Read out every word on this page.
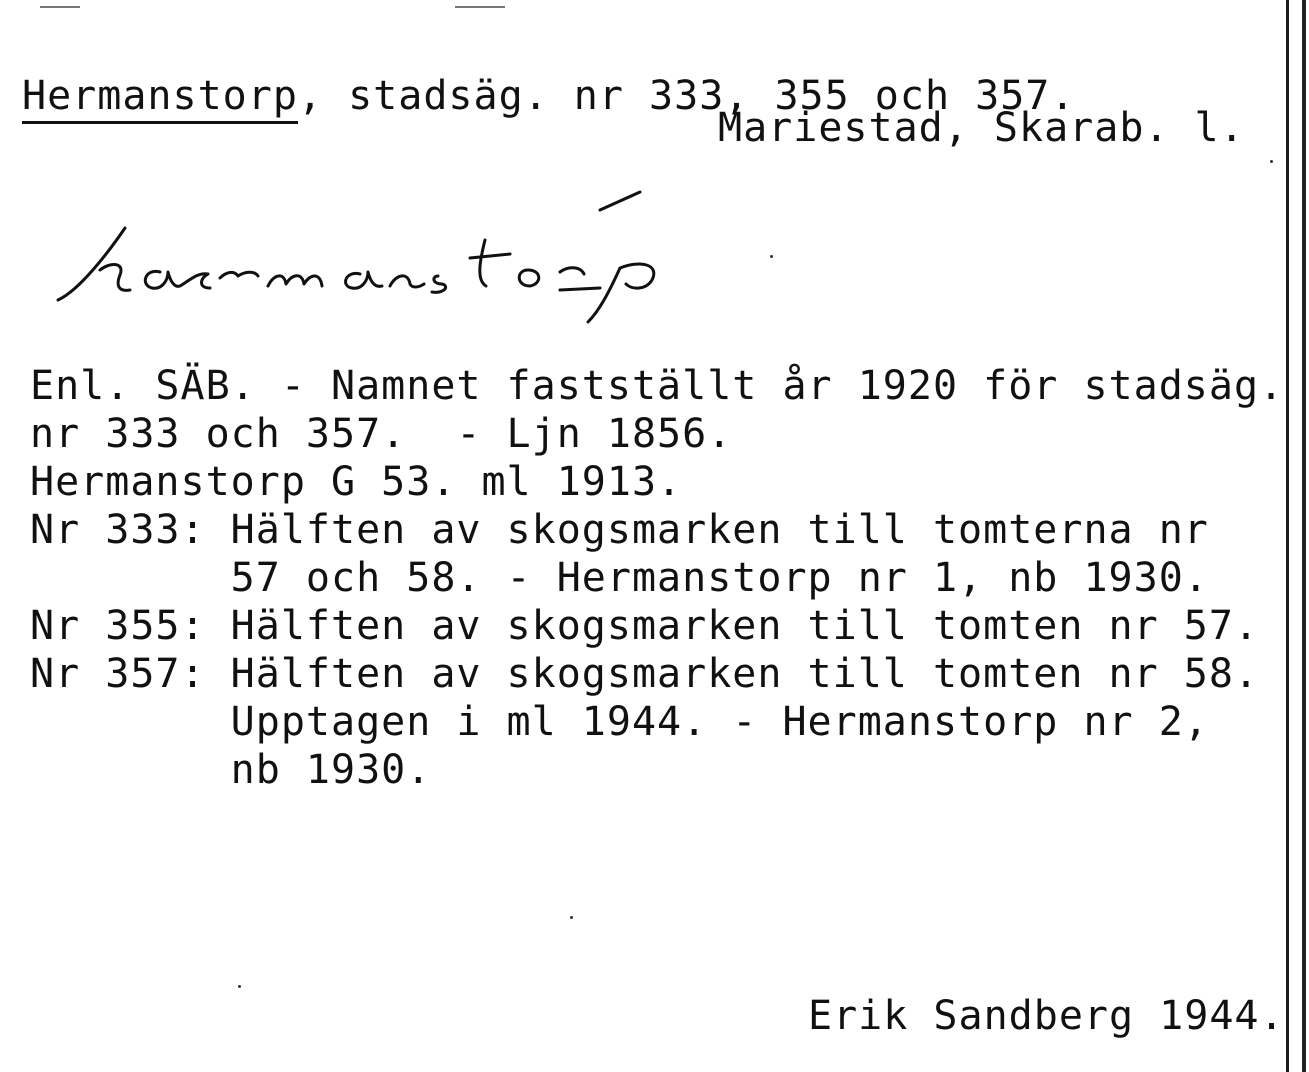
Hermanstorp, stadsäg. nr 333, 355 och 357.
Mariestad, Skarab. l.
Enl. SÄB. - Namnet fastställt år 1920 för stadsäg.
nr 333 och 357.  - Ljn 1856.
Hermanstorp G 53. ml 1913.
Nr 333: Hälften av skogsmarken till tomterna nr
57 och 58. - Hermanstorp nr 1, nb 1930.
Nr 355: Hälften av skogsmarken till tomten nr 57.
Nr 357: Hälften av skogsmarken till tomten nr 58.
Upptagen i ml 1944. - Hermanstorp nr 2,
nb 1930.
Erik Sandberg 1944.
